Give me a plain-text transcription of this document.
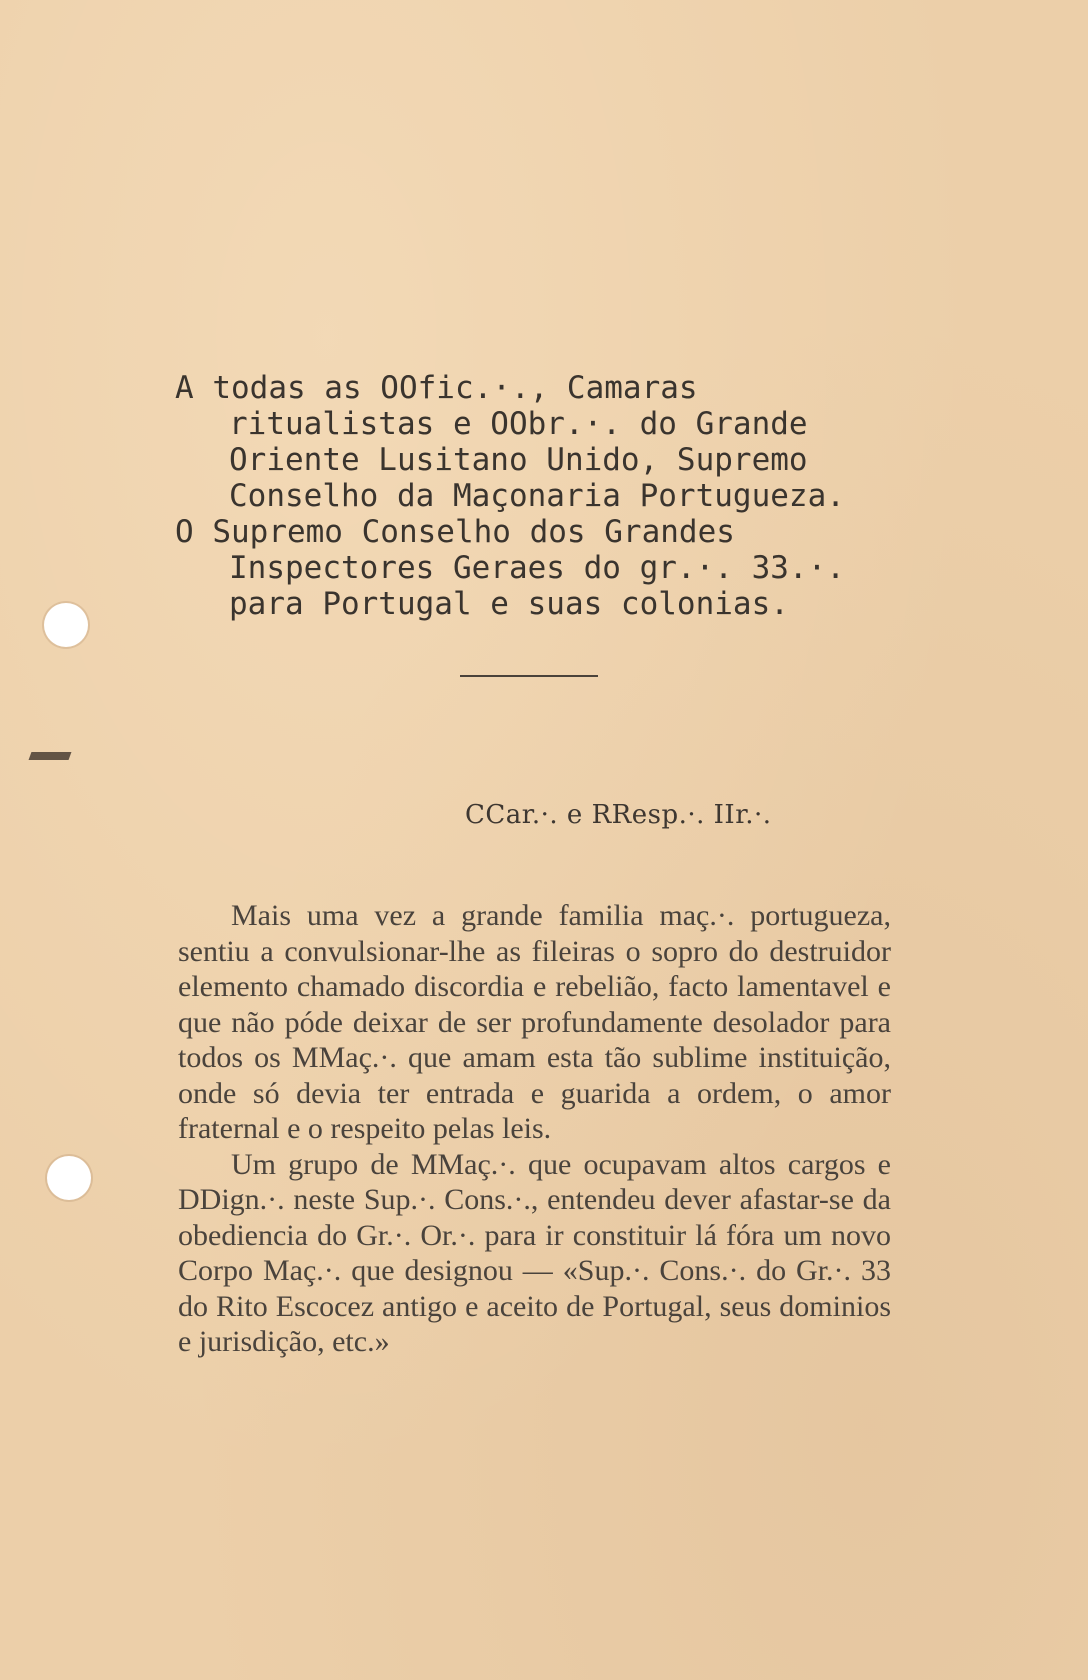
A todas as OOfic.·., Camaras ritualistas e OObr.·. do Grande Oriente Lusitano Unido, Supremo Conselho da Maçonaria Portugueza.

O Supremo Conselho dos Grandes Inspectores Geraes do gr.·. 33.·. para Portugal e suas colonias.

CCar.·. e RResp.·. IIr.·.

Mais uma vez a grande familia maç.·. portugueza, sentiu a convulsionar-lhe as fileiras o sopro do destruidor elemento chamado discordia e rebelião, facto lamentavel e que não póde deixar de ser profundamente desolador para todos os MMaç.·. que amam esta tão sublime instituição, onde só devia ter entrada e guarida a ordem, o amor fraternal e o respeito pelas leis.

Um grupo de MMaç.·. que ocupavam altos cargos e DDign.·. neste Sup.·. Cons.·., entendeu dever afastar-se da obediencia do Gr.·. Or.·. para ir constituir lá fóra um novo Corpo Maç.·. que designou — «Sup.·. Cons.·. do Gr.·. 33 do Rito Escocez antigo e aceito de Portugal, seus dominios e jurisdição, etc.»
